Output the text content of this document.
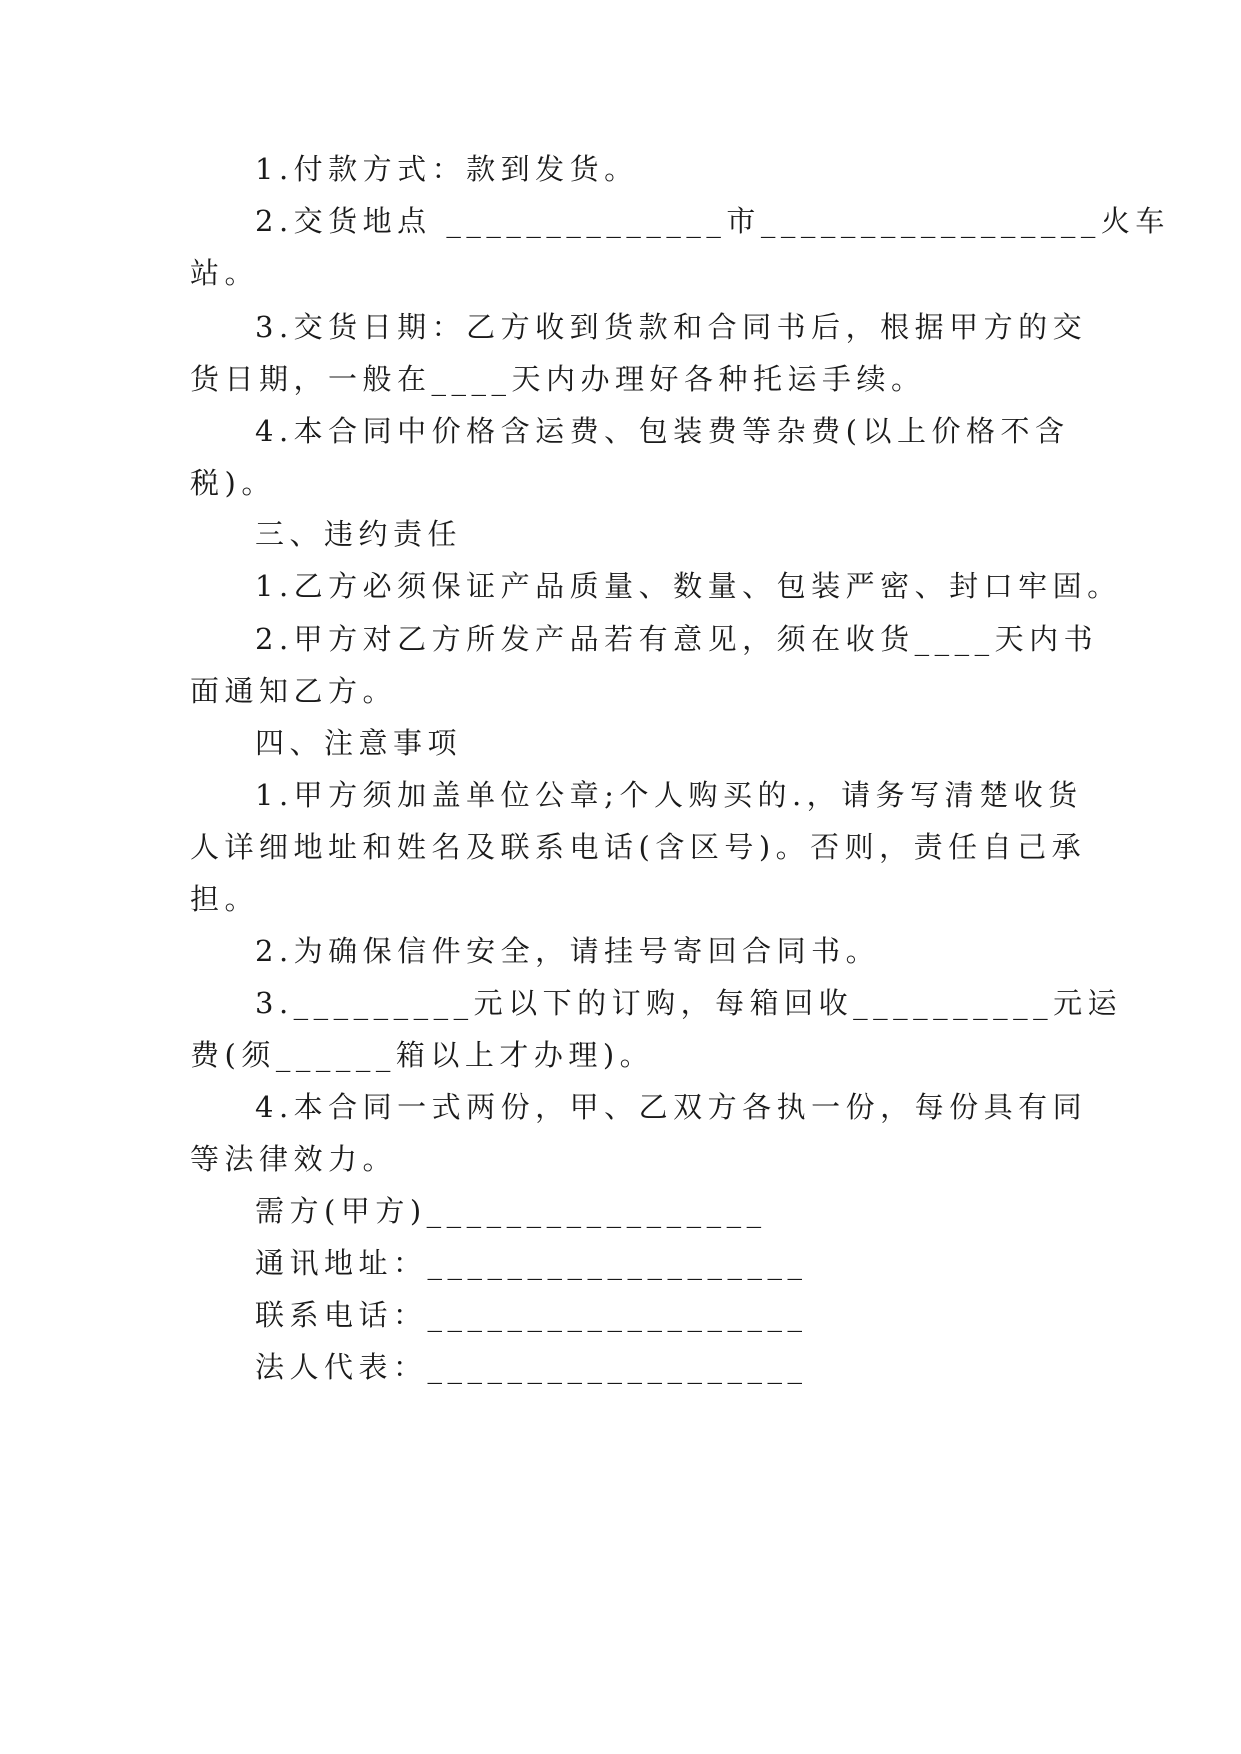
1.付款方式：款到发货。
2.交货地点 ______________市_________________火车
站。
3.交货日期：乙方收到货款和合同书后，根据甲方的交
货日期，一般在____天内办理好各种托运手续。
4.本合同中价格含运费、包装费等杂费(以上价格不含
税)。
三、违约责任
1.乙方必须保证产品质量、数量、包装严密、封口牢固。
2.甲方对乙方所发产品若有意见，须在收货____天内书
面通知乙方。
四、注意事项
1.甲方须加盖单位公章;个人购买的.，请务写清楚收货
人详细地址和姓名及联系电话(含区号)。否则，责任自己承
担。
2.为确保信件安全，请挂号寄回合同书。
3._________元以下的订购，每箱回收__________元运
费(须______箱以上才办理)。
4.本合同一式两份，甲、乙双方各执一份，每份具有同
等法律效力。
需方(甲方)_________________
通讯地址：___________________
联系电话：___________________
法人代表：___________________
